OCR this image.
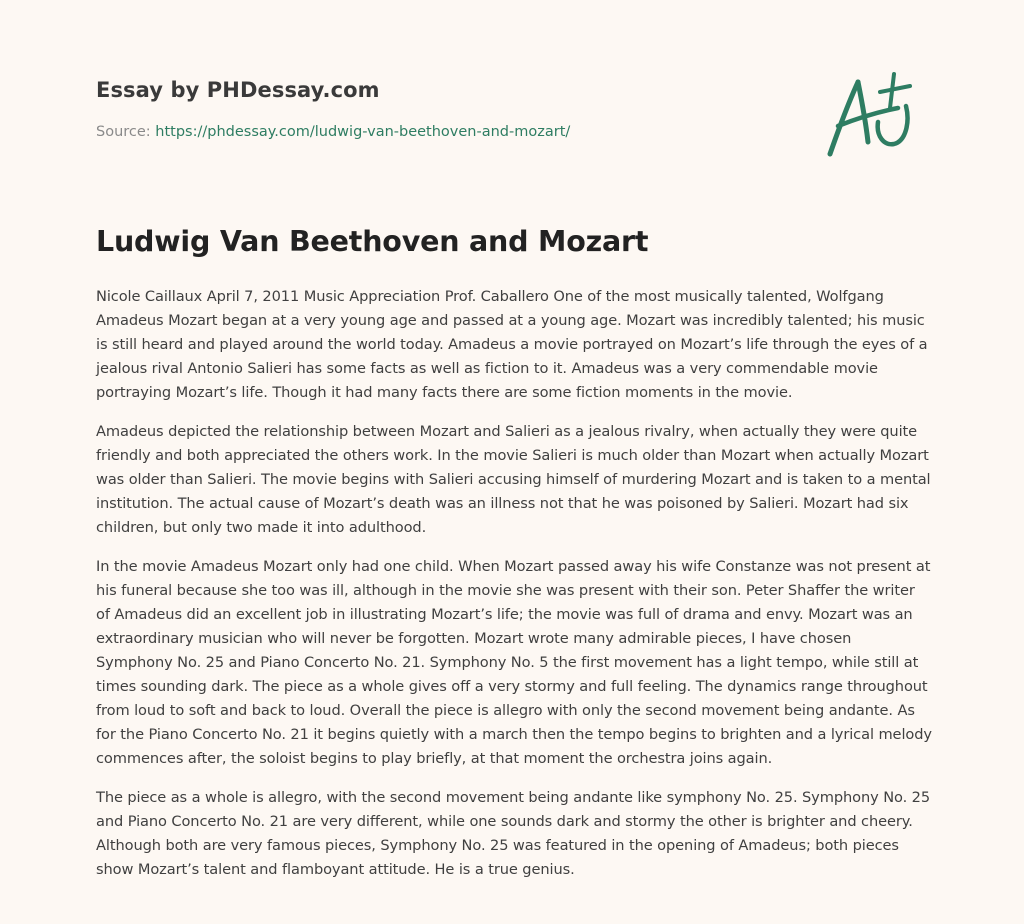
Essay by PHDessay.com
Source: https://phdessay.com/ludwig-van-beethoven-and-mozart/
Ludwig Van Beethoven and Mozart

Nicole Caillaux April 7, 2011 Music Appreciation Prof. Caballero One of the most musically talented, Wolfgang Amadeus Mozart began at a very young age and passed at a young age. Mozart was incredibly talented; his music is still heard and played around the world today. Amadeus a movie portrayed on Mozart’s life through the eyes of a jealous rival Antonio Salieri has some facts as well as fiction to it. Amadeus was a very commendable movie portraying Mozart’s life. Though it had many facts there are some fiction moments in the movie.

Amadeus depicted the relationship between Mozart and Salieri as a jealous rivalry, when actually they were quite friendly and both appreciated the others work. In the movie Salieri is much older than Mozart when actually Mozart was older than Salieri. The movie begins with Salieri accusing himself of murdering Mozart and is taken to a mental institution. The actual cause of Mozart’s death was an illness not that he was poisoned by Salieri. Mozart had six children, but only two made it into adulthood.

In the movie Amadeus Mozart only had one child. When Mozart passed away his wife Constanze was not present at his funeral because she too was ill, although in the movie she was present with their son. Peter Shaffer the writer of Amadeus did an excellent job in illustrating Mozart’s life; the movie was full of drama and envy. Mozart was an extraordinary musician who will never be forgotten. Mozart wrote many admirable pieces, I have chosen Symphony No. 25 and Piano Concerto No. 21. Symphony No. 5 the first movement has a light tempo, while still at times sounding dark. The piece as a whole gives off a very stormy and full feeling. The dynamics range throughout from loud to soft and back to loud. Overall the piece is allegro with only the second movement being andante. As for the Piano Concerto No. 21 it begins quietly with a march then the tempo begins to brighten and a lyrical melody commences after, the soloist begins to play briefly, at that moment the orchestra joins again.

The piece as a whole is allegro, with the second movement being andante like symphony No. 25. Symphony No. 25 and Piano Concerto No. 21 are very different, while one sounds dark and stormy the other is brighter and cheery. Although both are very famous pieces, Symphony No. 25 was featured in the opening of Amadeus; both pieces show Mozart’s talent and flamboyant attitude. He is a true genius.
